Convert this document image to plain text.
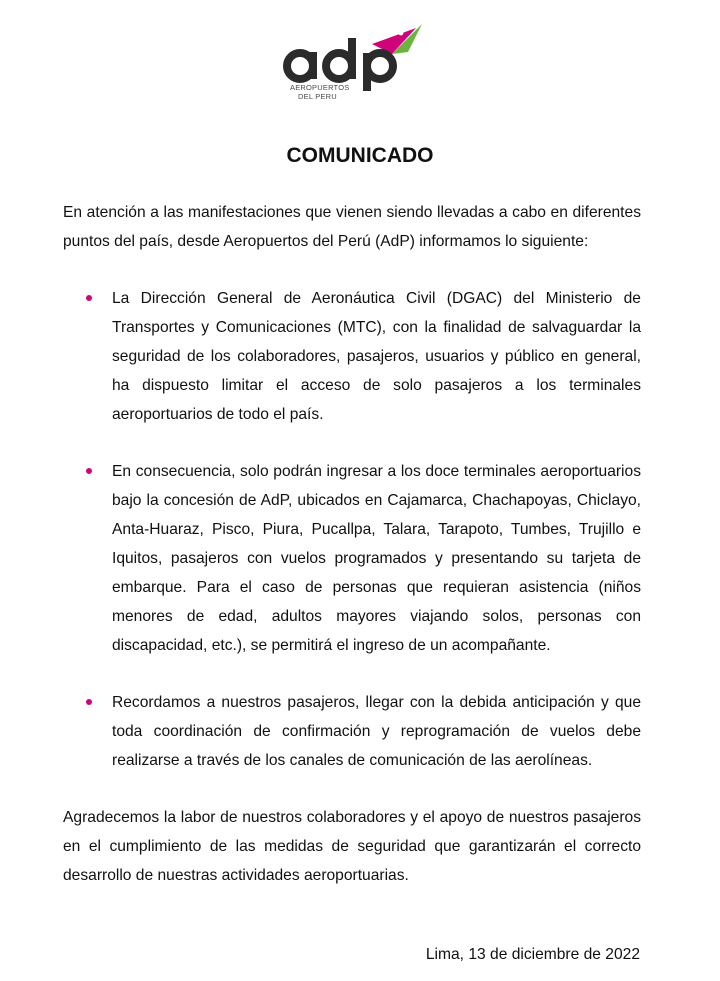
AEROPUERTOS
DEL PERU
COMUNICADO

En atención a las manifestaciones que vienen siendo llevadas a cabo en diferentes puntos del país, desde Aeropuertos del Perú (AdP) informamos lo siguiente:

La Dirección General de Aeronáutica Civil (DGAC) del Ministerio de Transportes y Comunicaciones (MTC), con la finalidad de salvaguardar la seguridad de los colaboradores, pasajeros, usuarios y público en general, ha dispuesto limitar el acceso de solo pasajeros a los terminales aeroportuarios de todo el país.
En consecuencia, solo podrán ingresar a los doce terminales aeroportuarios bajo la concesión de AdP, ubicados en Cajamarca, Chachapoyas, Chiclayo, Anta-Huaraz, Pisco, Piura, Pucallpa, Talara, Tarapoto, Tumbes, Trujillo e Iquitos, pasajeros con vuelos programados y presentando su tarjeta de embarque. Para el caso de personas que requieran asistencia (niños menores de edad, adultos mayores viajando solos, personas con discapacidad, etc.), se permitirá el ingreso de un acompañante.
Recordamos a nuestros pasajeros, llegar con la debida anticipación y que toda coordinación de confirmación y reprogramación de vuelos debe realizarse a través de los canales de comunicación de las aerolíneas.

Agradecemos la labor de nuestros colaboradores y el apoyo de nuestros pasajeros en el cumplimiento de las medidas de seguridad que garantizarán el correcto desarrollo de nuestras actividades aeroportuarias.

Lima, 13 de diciembre de 2022
